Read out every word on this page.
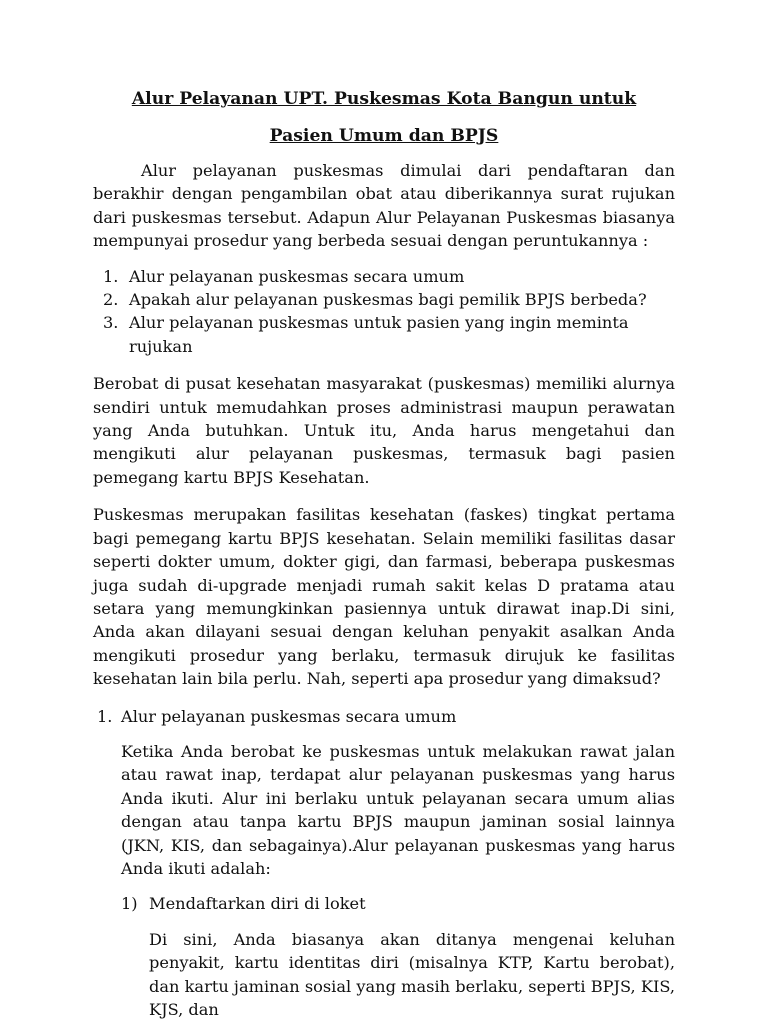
Alur Pelayanan UPT. Puskesmas Kota Bangun untuk

Pasien Umum dan BPJS

Alur pelayanan puskesmas dimulai dari pendaftaran dan berakhir dengan pengambilan obat atau diberikannya surat rujukan dari puskesmas tersebut. Adapun Alur Pelayanan Puskesmas biasanya mempunyai prosedur yang berbeda sesuai dengan peruntukannya :

1. Alur pelayanan puskesmas secara umum
2. Apakah alur pelayanan puskesmas bagi pemilik BPJS berbeda?
3. Alur pelayanan puskesmas untuk pasien yang ingin meminta rujukan

Berobat di pusat kesehatan masyarakat (puskesmas) memiliki alurnya sendiri untuk memudahkan proses administrasi maupun perawatan yang Anda butuhkan. Untuk itu, Anda harus mengetahui dan mengikuti alur pelayanan puskesmas, termasuk bagi pasien pemegang kartu BPJS Kesehatan.

Puskesmas merupakan fasilitas kesehatan (faskes) tingkat pertama bagi pemegang kartu BPJS kesehatan. Selain memiliki fasilitas dasar seperti dokter umum, dokter gigi, dan farmasi, beberapa puskesmas juga sudah di-upgrade menjadi rumah sakit kelas D pratama atau setara yang memungkinkan pasiennya untuk dirawat inap.Di sini, Anda akan dilayani sesuai dengan keluhan penyakit asalkan Anda mengikuti prosedur yang berlaku, termasuk dirujuk ke fasilitas kesehatan lain bila perlu. Nah, seperti apa prosedur yang dimaksud?

1. Alur pelayanan puskesmas secara umum

Ketika Anda berobat ke puskesmas untuk melakukan rawat jalan atau rawat inap, terdapat alur pelayanan puskesmas yang harus Anda ikuti. Alur ini berlaku untuk pelayanan secara umum alias dengan atau tanpa kartu BPJS maupun jaminan sosial lainnya (JKN, KIS, dan sebagainya).Alur pelayanan puskesmas yang harus Anda ikuti adalah:

1) Mendaftarkan diri di loket

Di sini, Anda biasanya akan ditanya mengenai keluhan penyakit, kartu identitas diri (misalnya KTP, Kartu berobat), dan kartu jaminan sosial yang masih berlaku, seperti BPJS, KIS, KJS, dan
